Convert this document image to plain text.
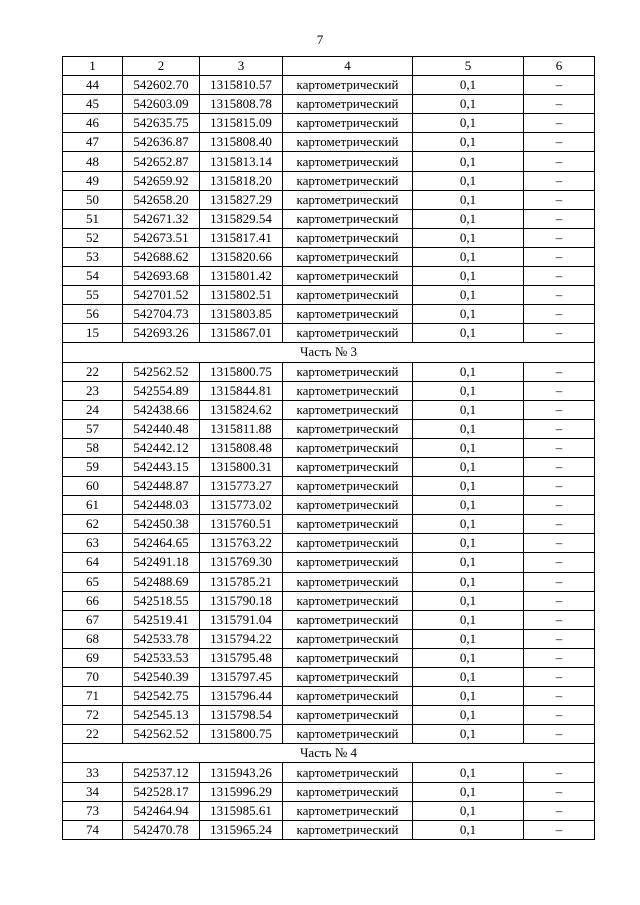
7
1	2	3	4	5	6
44	542602.70	1315810.57	картометрический	0,1	–
45	542603.09	1315808.78	картометрический	0,1	–
46	542635.75	1315815.09	картометрический	0,1	–
47	542636.87	1315808.40	картометрический	0,1	–
48	542652.87	1315813.14	картометрический	0,1	–
49	542659.92	1315818.20	картометрический	0,1	–
50	542658.20	1315827.29	картометрический	0,1	–
51	542671.32	1315829.54	картометрический	0,1	–
52	542673.51	1315817.41	картометрический	0,1	–
53	542688.62	1315820.66	картометрический	0,1	–
54	542693.68	1315801.42	картометрический	0,1	–
55	542701.52	1315802.51	картометрический	0,1	–
56	542704.73	1315803.85	картометрический	0,1	–
15	542693.26	1315867.01	картометрический	0,1	–
Часть № 3					
22	542562.52	1315800.75	картометрический	0,1	–
23	542554.89	1315844.81	картометрический	0,1	–
24	542438.66	1315824.62	картометрический	0,1	–
57	542440.48	1315811.88	картометрический	0,1	–
58	542442.12	1315808.48	картометрический	0,1	–
59	542443.15	1315800.31	картометрический	0,1	–
60	542448.87	1315773.27	картометрический	0,1	–
61	542448.03	1315773.02	картометрический	0,1	–
62	542450.38	1315760.51	картометрический	0,1	–
63	542464.65	1315763.22	картометрический	0,1	–
64	542491.18	1315769.30	картометрический	0,1	–
65	542488.69	1315785.21	картометрический	0,1	–
66	542518.55	1315790.18	картометрический	0,1	–
67	542519.41	1315791.04	картометрический	0,1	–
68	542533.78	1315794.22	картометрический	0,1	–
69	542533.53	1315795.48	картометрический	0,1	–
70	542540.39	1315797.45	картометрический	0,1	–
71	542542.75	1315796.44	картометрический	0,1	–
72	542545.13	1315798.54	картометрический	0,1	–
22	542562.52	1315800.75	картометрический	0,1	–
Часть № 4					
33	542537.12	1315943.26	картометрический	0,1	–
34	542528.17	1315996.29	картометрический	0,1	–
73	542464.94	1315985.61	картометрический	0,1	–
74	542470.78	1315965.24	картометрический	0,1	–
